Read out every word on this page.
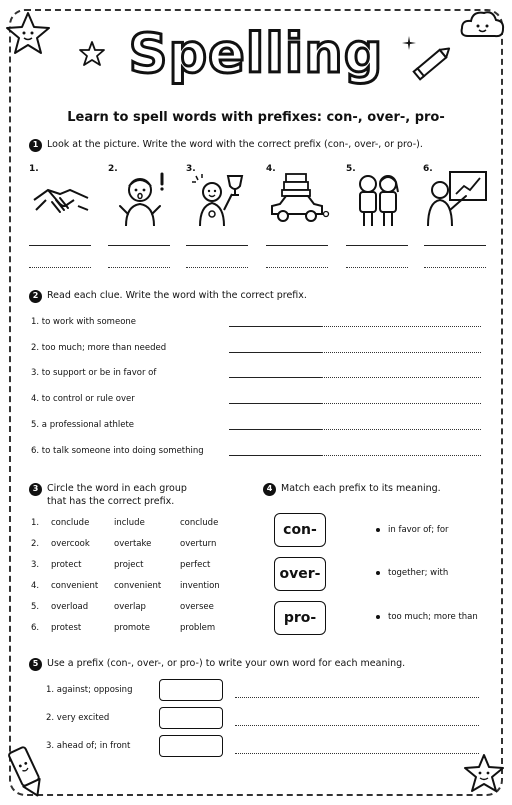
Spelling
Learn to spell words with prefixes: con-, over-, pro-
1 Look at the picture. Write the word with the correct prefix (con-, over-, or pro-).
1.	2.	3.	4.	5.	6.
2 Read each clue. Write the word with the correct prefix.
1. to work with someone
2. too much; more than needed
3. to support or be in favor of
4. to control or rule over
5. a professional athlete
6. to talk someone into doing something
3 Circle the word in each group
that has the correct prefix.
1. conclude	include	conclude
2. overcook	overtake	overturn
3. protect	project	perfect
4. convenient convenient invention
5. overload	overlap	oversee
6. protest	promote	problem
4 Match each prefix to its meaning.
con-
over-
pro-
in favor of; for
together; with
too much; more than
5 Use a prefix (con-, over-, or pro-) to write your own word for each meaning.
1. against; opposing
2. very excited
3. ahead of; in front
